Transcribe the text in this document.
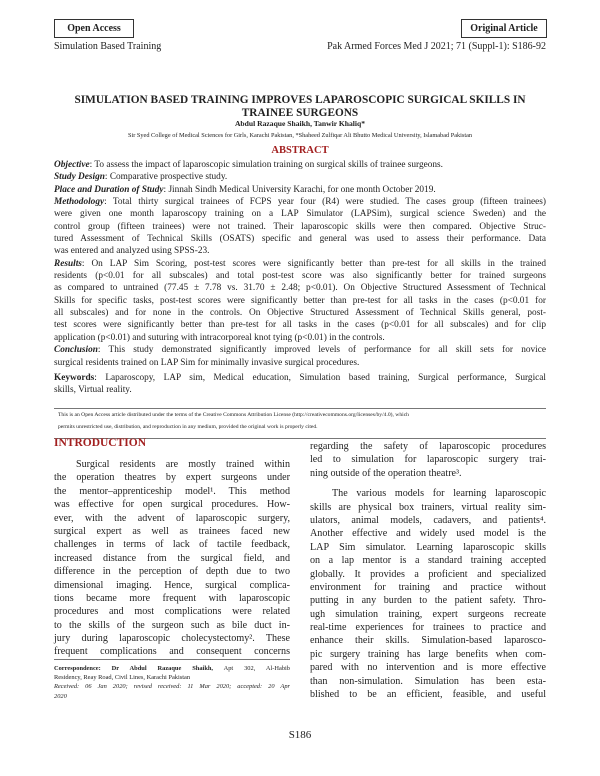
Open Access	Original Article
Simulation Based Training	Pak Armed Forces Med J 2021; 71 (Suppl-1): S186-92
SIMULATION BASED TRAINING IMPROVES LAPAROSCOPIC SURGICAL SKILLS IN
TRAINEE SURGEONS
Abdul Razaque Shaikh, Tanwir Khaliq*
Sir Syed College of Medical Sciences for Girls, Karachi Pakistan, *Shaheed Zulfiqar Ali Bhutto Medical University, Islamabad Pakistan
ABSTRACT
Objective: To assess the impact of laparoscopic simulation training on surgical skills of trainee surgeons.
Study Design: Comparative prospective study.
Place and Duration of Study: Jinnah Sindh Medical University Karachi, for one month October 2019.
Methodology: Total thirty surgical trainees of FCPS year four (R4) were studied. The cases group (fifteen trainees)
were given one month laparoscopy training on a LAP Simulator (LAPSim), surgical science Sweden) and the
control group (fifteen trainees) were not trained. Their laparoscopic skills were then compared. Objective Struc-
tured Assessment of Technical Skills (OSATS) specific and general was used to assess their performance. Data
was entered and analyzed using SPSS-23.
Results: On LAP Sim Scoring, post-test scores were significantly better than pre-test for all skills in the trained
residents (p<0.01 for all subscales) and total post-test score was also significantly better for trained surgeons
as compared to untrained (77.45 ± 7.78 vs. 31.70 ± 2.48; p<0.01). On Objective Structured Assessment of Technical
Skills for specific tasks, post-test scores were significantly better than pre-test for all tasks in the cases (p<0.01 for
all subscales) and for none in the controls. On Objective Structured Assessment of Technical Skills general, post-
test scores were significantly better than pre-test for all tasks in the cases (p<0.01 for all subscales) and for clip
application (p<0.01) and suturing with intracorporeal knot tying (p<0.01) in the controls.
Conclusion: This study demonstrated significantly improved levels of performance for all skill sets for novice
surgical residents trained on LAP Sim for minimally invasive surgical procedures.
Keywords: Laparoscopy, LAP sim, Medical education, Simulation based training, Surgical performance, Surgical
skills, Virtual reality.
This is an Open Access article distributed under the terms of the Creative Commons Attribution License (http://creativecommons.org/licenses/by/4.0), which
permits unrestricted use, distribution, and reproduction in any medium, provided the original work is properly cited.
INTRODUCTION
Surgical residents are mostly trained within
the operation theatres by expert surgeons under
the mentor–apprenticeship model¹. This method
was effective for open surgical procedures. How-
ever, with the advent of laparoscopic surgery,
surgical expert as well as trainees faced new
challenges in terms of lack of tactile feedback,
increased distance from the surgical field, and
difference in the perception of depth due to two
dimensional imaging. Hence, surgical complica-
tions became more frequent with laparoscopic
procedures and most complications were related
to the skills of the surgeon such as bile duct in-
jury during laparoscopic cholecystectomy². These
frequent complications and consequent concerns
regarding the safety of laparoscopic procedures
led to simulation for laparoscopic surgery trai-
ning outside of the operation theatre³.
The various models for learning laparoscopic
skills are physical box trainers, virtual reality sim-
ulators, animal models, cadavers, and patients⁴.
Another effective and widely used model is the
LAP Sim simulator. Learning laparoscopic skills
on a lap mentor is a standard training accepted
globally. It provides a proficient and specialized
environment for training and practice without
putting in any burden to the patient safety. Thro-
ugh simulation training, expert surgeons recreate
real-time experiences for trainees to practice and
enhance their skills. Simulation-based laparosco-
pic surgery training has large benefits when com-
pared with no intervention and is more effective
than non-simulation. Simulation has been esta-
blished to be an efficient, feasible, and useful
Correspondence: Dr Abdul Razaque Shaikh, Apt 302, Al-Habib
Residency, Reay Road, Civil Lines, Karachi Pakistan
Received: 06 Jan 2020; revised received: 11 Mar 2020; accepted: 20 Apr
2020
S186
